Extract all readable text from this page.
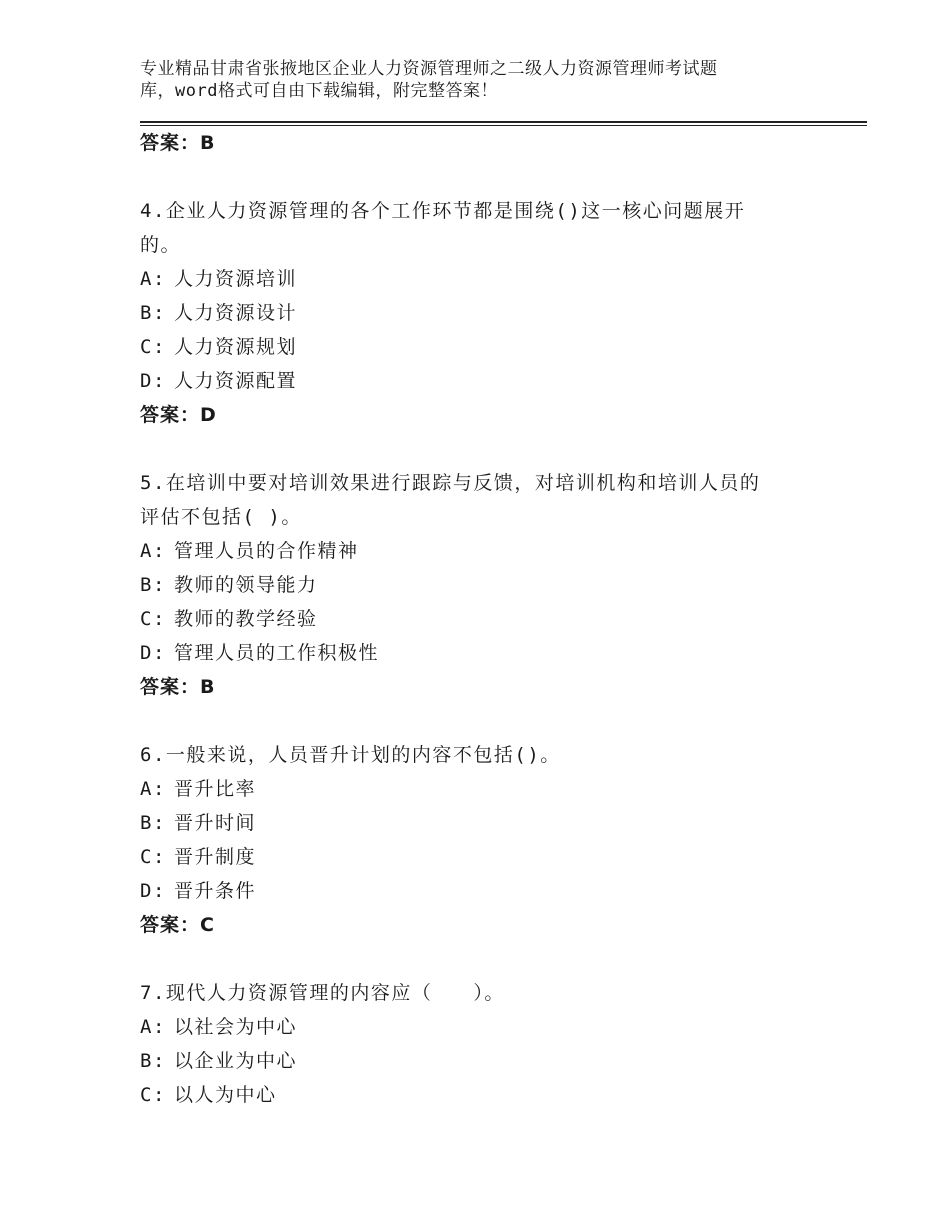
专业精品甘肃省张掖地区企业人力资源管理师之二级人力资源管理师考试题
库，word格式可自由下载编辑，附完整答案！
答案：B
4.企业人力资源管理的各个工作环节都是围绕()这一核心问题展开
的。
A: 人力资源培训
B: 人力资源设计
C: 人力资源规划
D: 人力资源配置
答案：D
5.在培训中要对培训效果进行跟踪与反馈，对培训机构和培训人员的
评估不包括( )。
A: 管理人员的合作精神
B: 教师的领导能力
C: 教师的教学经验
D: 管理人员的工作积极性
答案：B
6.一般来说，人员晋升计划的内容不包括()。
A: 晋升比率
B: 晋升时间
C: 晋升制度
D: 晋升条件
答案：C
7.现代人力资源管理的内容应（　　）。
A: 以社会为中心
B: 以企业为中心
C: 以人为中心
